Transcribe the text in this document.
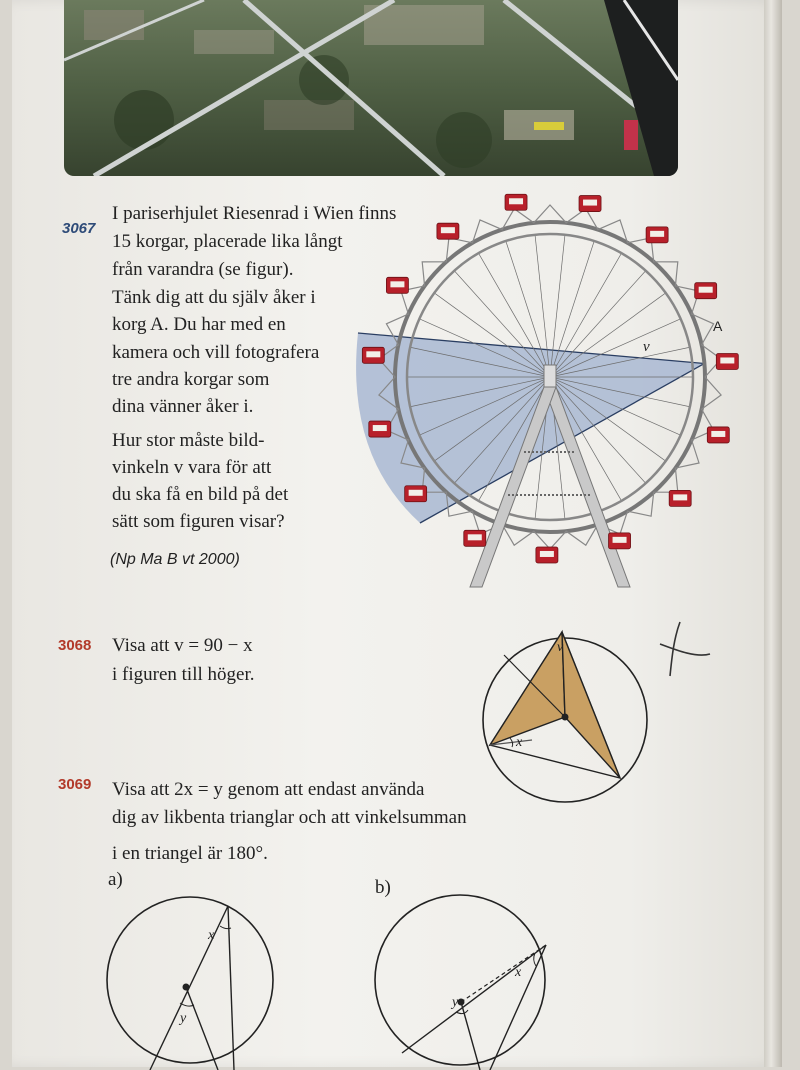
3067
I pariserhjulet Riesenrad i Wien finns
15 korgar, placerade lika långt
från varandra (se figur).
Tänk dig att du själv åker i
korg A. Du har med en
kamera och vill fotografera
tre andra korgar som
dina vänner åker i.
Hur stor måste bild-
vinkeln v vara för att
du ska få en bild på det
sätt som figuren visar?
(Np Ma B vt 2000)
A
v
3068 Visa att v = 90 − x
i figuren till höger.
v
x
3069 Visa att 2x = y genom att endast använda
dig av likbenta trianglar och att vinkelsumman
i en triangel är 180°.
a)	b)
x
y
x
y
